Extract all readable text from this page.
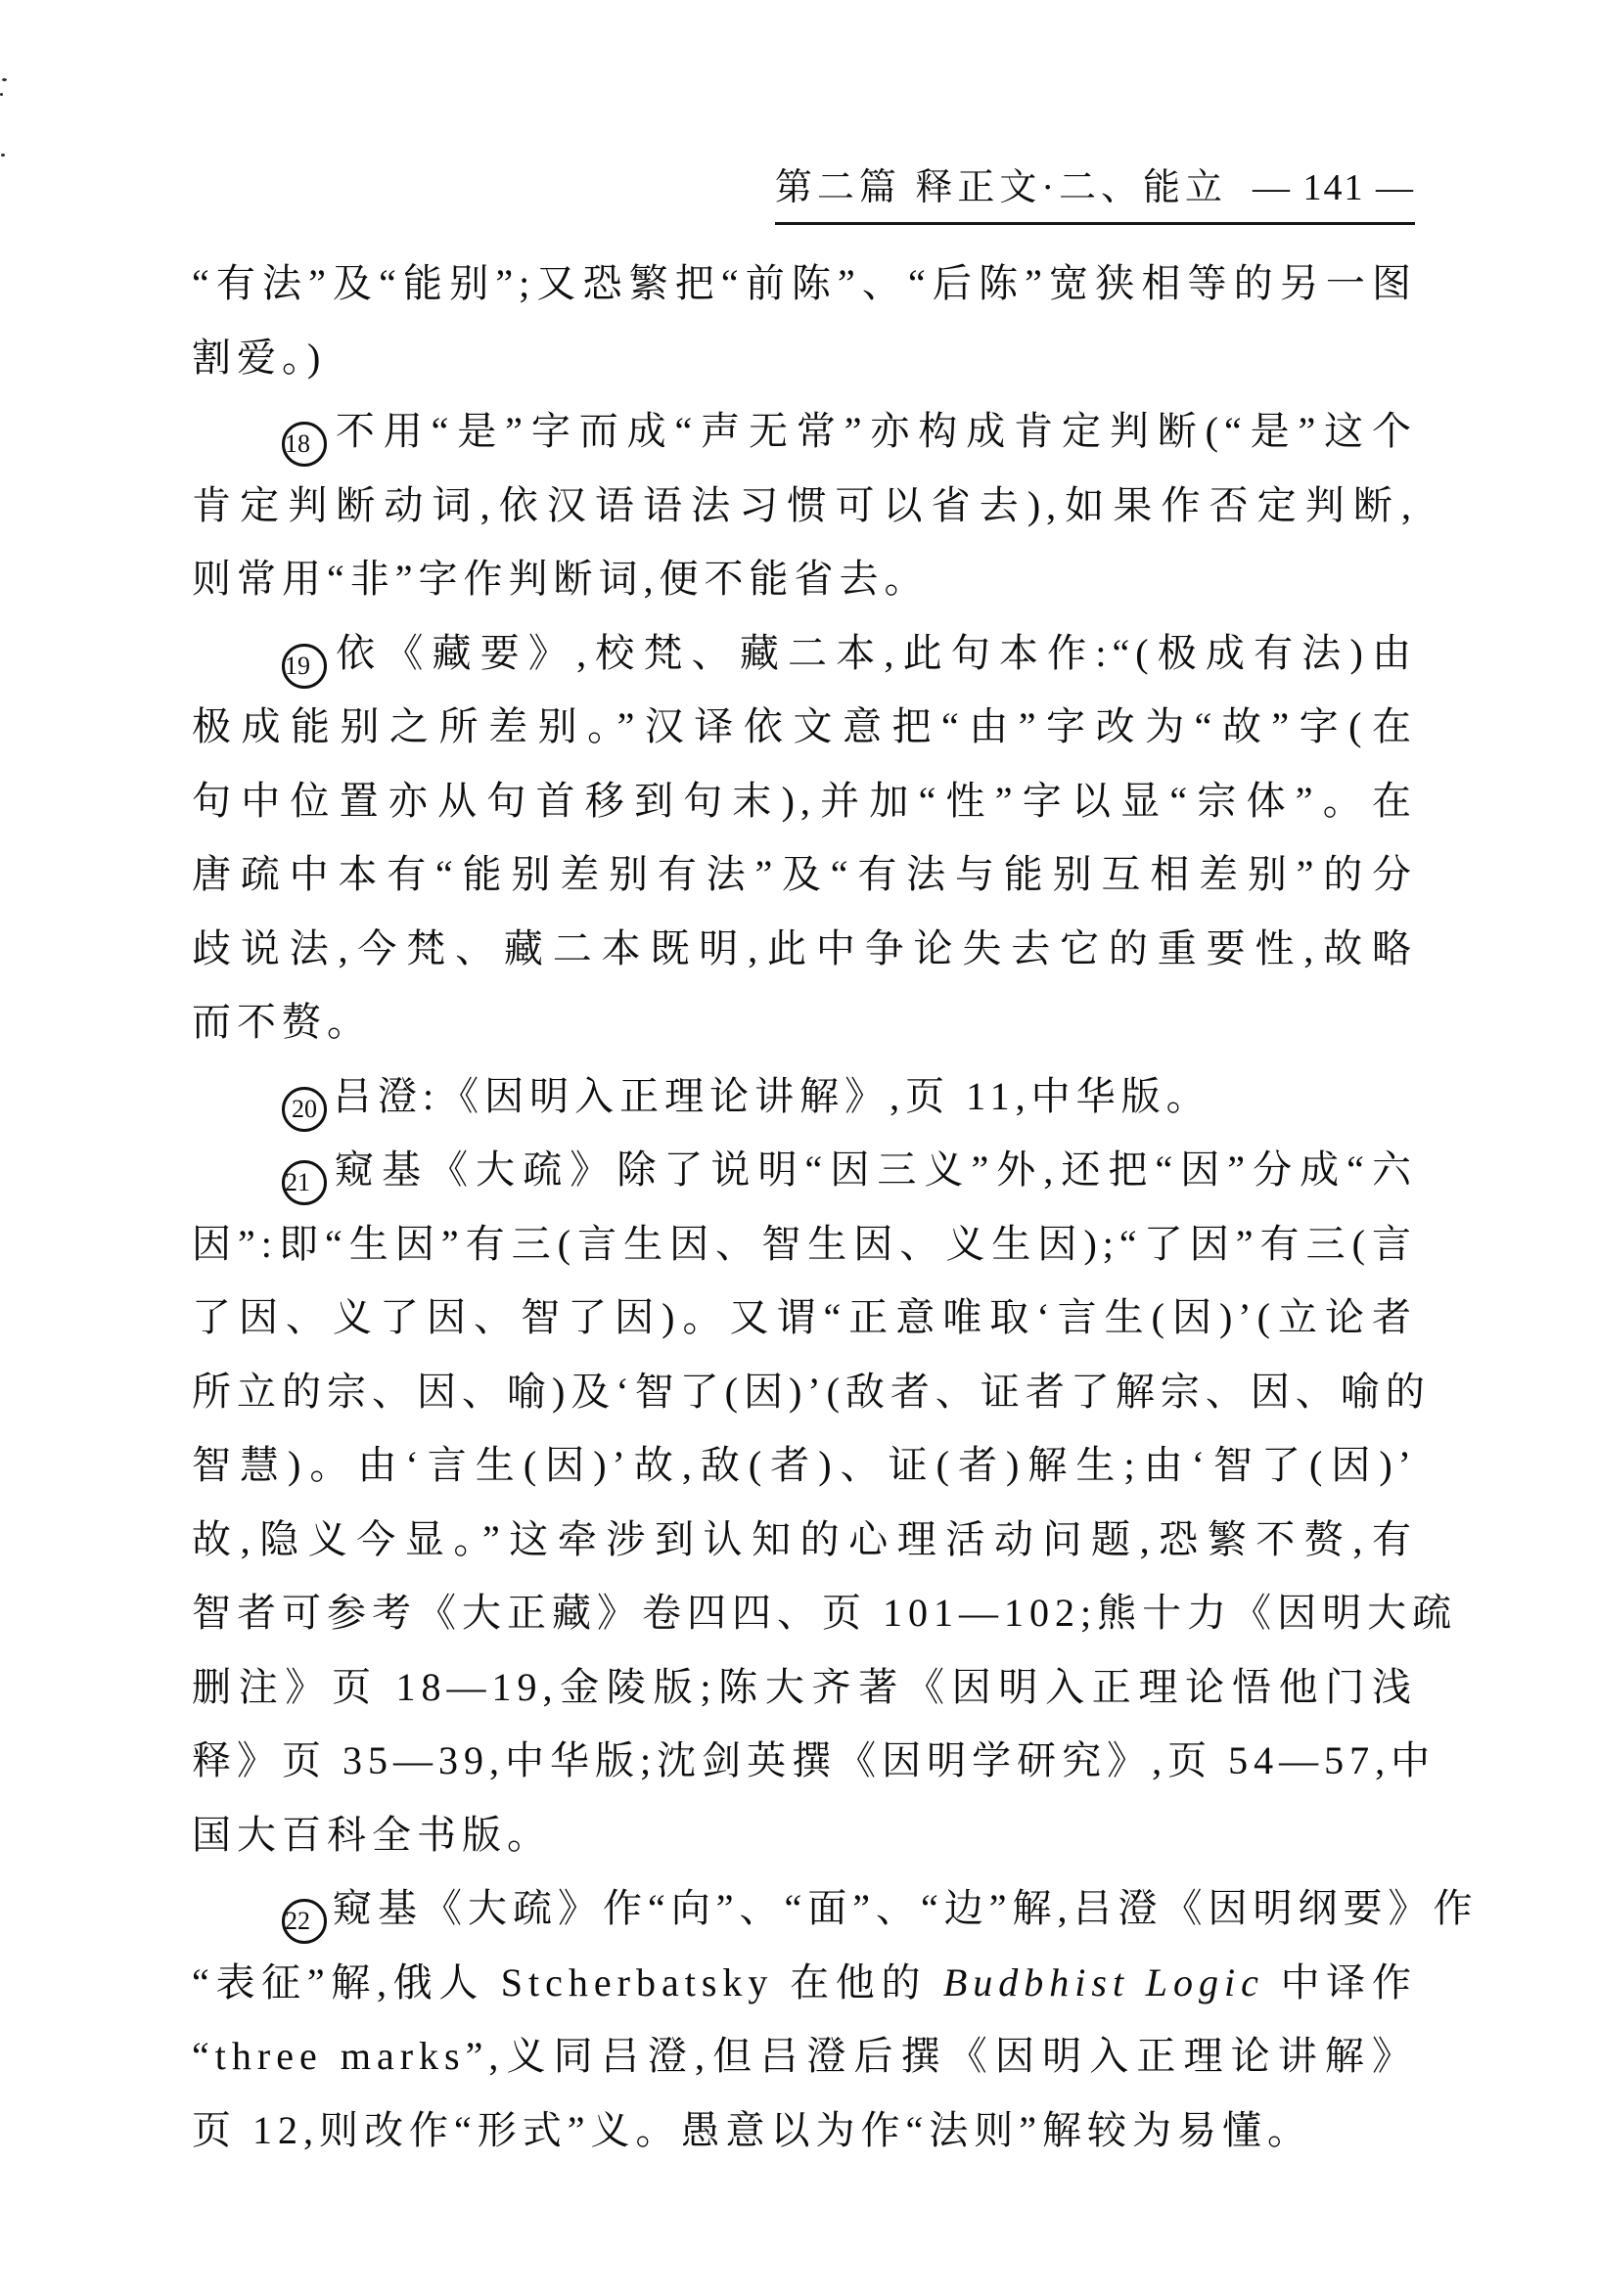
第二篇 释正文·二、能立 — 141 —
“有法”及“能别”;又恐繁把“前陈”、“后陈”宽狭相等的另一图
割爱。)
18 不用“是”字而成“声无常”亦构成肯定判断(“是”这个
肯定判断动词,依汉语语法习惯可以省去),如果作否定判断,
则常用“非”字作判断词,便不能省去。
19 依《藏要》,校梵、藏二本,此句本作:“(极成有法)由
极成能别之所差别。”汉译依文意把“由”字改为“故”字(在
句中位置亦从句首移到句末),并加“性”字以显“宗体”。在
唐疏中本有“能别差别有法”及“有法与能别互相差别”的分
歧说法,今梵、藏二本既明,此中争论失去它的重要性,故略
而不赘。
20 吕澄:《因明入正理论讲解》,页 11,中华版。
21 窥基《大疏》除了说明“因三义”外,还把“因”分成“六
因”:即“生因”有三(言生因、智生因、义生因);“了因”有三(言
了因、义了因、智了因)。又谓“正意唯取‘言生(因)’(立论者
所立的宗、因、喻)及‘智了(因)’(敌者、证者了解宗、因、喻的
智慧)。由‘言生(因)’故,敌(者)、证(者)解生;由‘智了(因)’
故,隐义今显。”这牵涉到认知的心理活动问题,恐繁不赘,有
智者可参考《大正藏》卷四四、页 101—102;熊十力《因明大疏
删注》页 18—19,金陵版;陈大齐著《因明入正理论悟他门浅
释》页 35—39,中华版;沈剑英撰《因明学研究》,页 54—57,中
国大百科全书版。
22 窥基《大疏》作“向”、“面”、“边”解,吕澄《因明纲要》作
“表征”解,俄人 Stcherbatsky 在他的 Budbhist Logic 中译作
“three marks”,义同吕澄,但吕澄后撰《因明入正理论讲解》
页 12,则改作“形式”义。愚意以为作“法则”解较为易懂。
